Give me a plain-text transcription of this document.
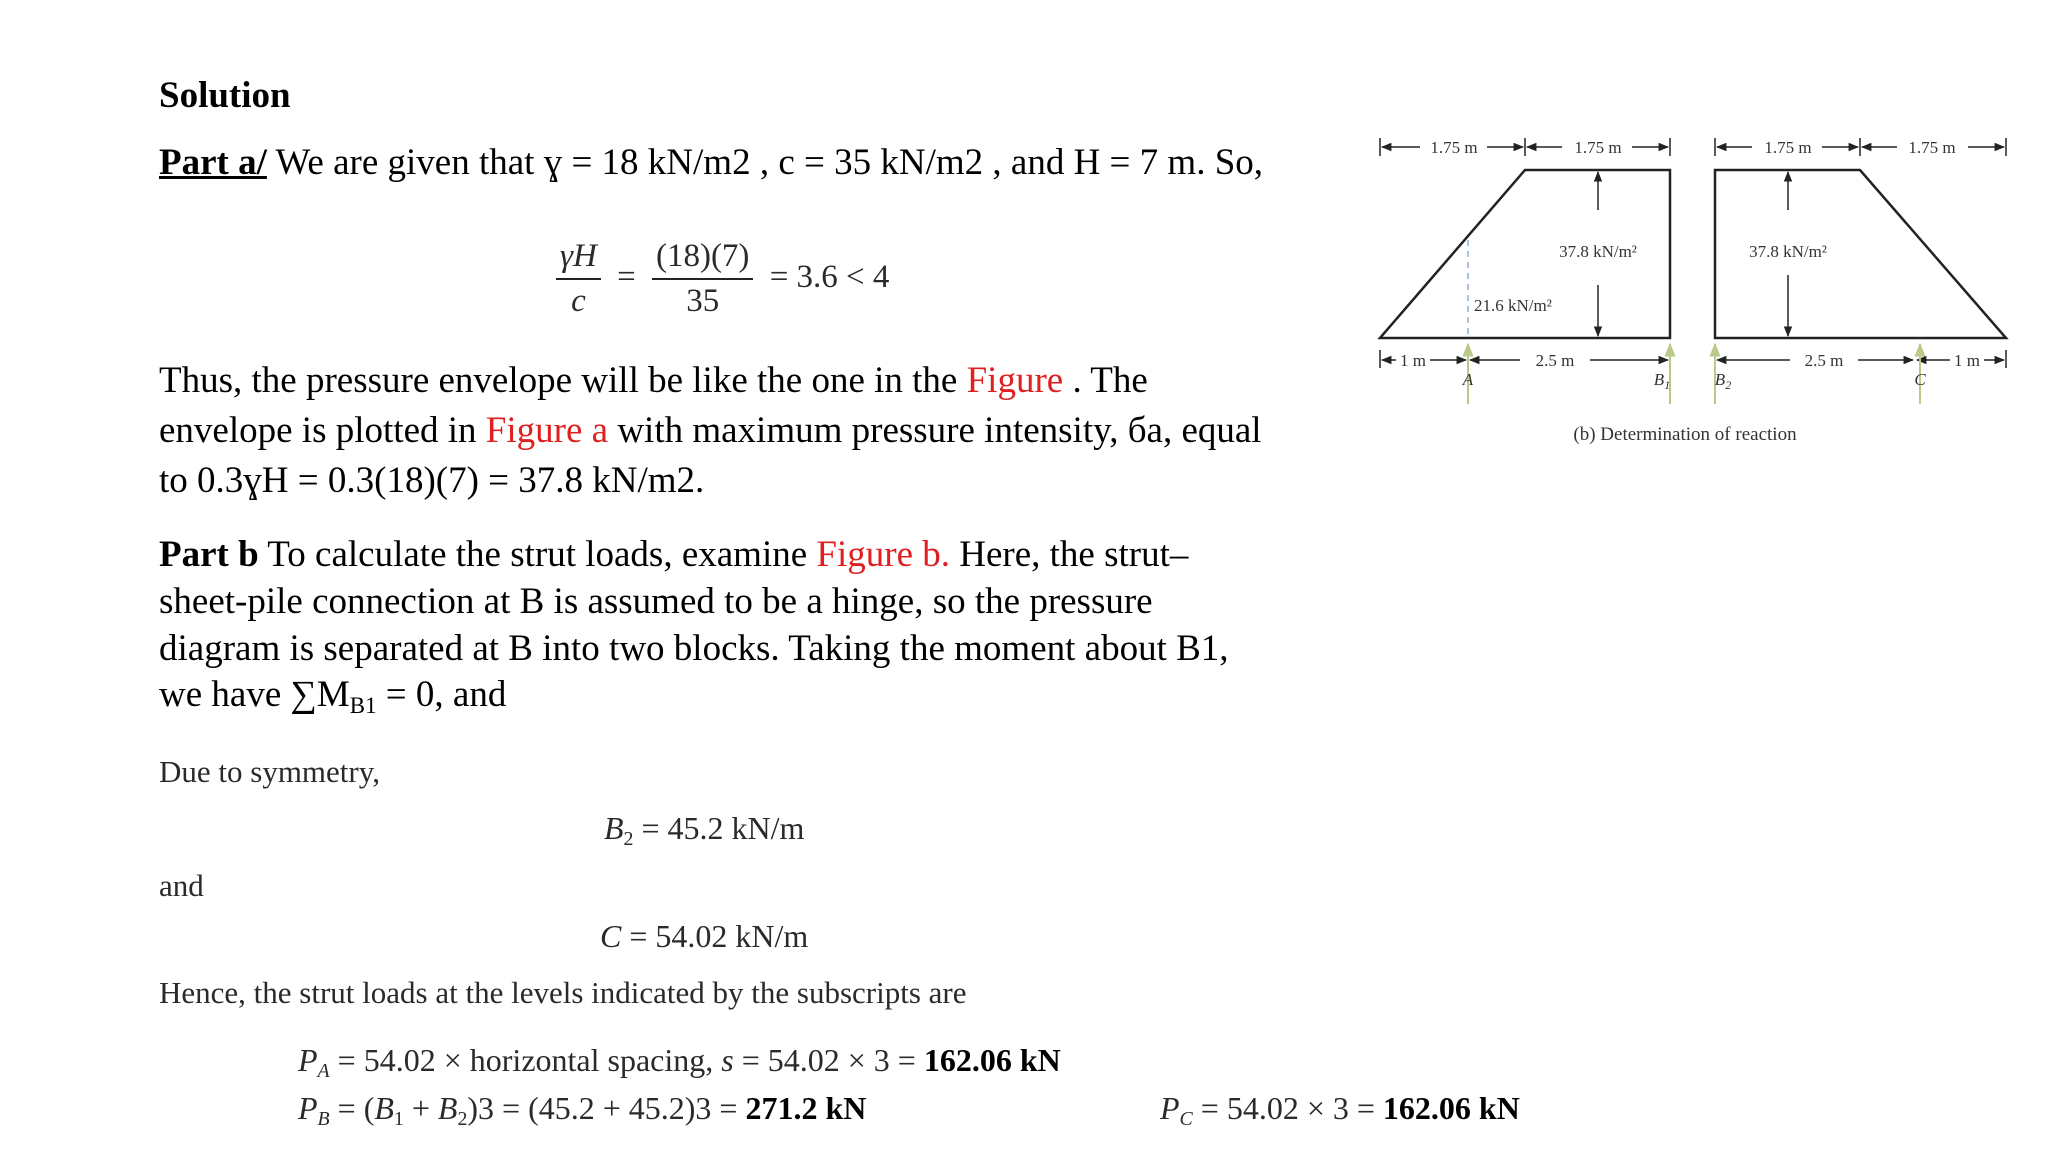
Solution
Part a/ We are given that ɣ = 18 kN/m2 , c = 35 kN/m2 , and H = 7 m. So,
$\frac{\gamma H}{c} = \frac{(18)(7)}{35} = 3.6 < 4$
Thus, the pressure envelope will be like the one in the Figure . The
envelope is plotted in Figure a with maximum pressure intensity, бa, equal
to 0.3ɣH = 0.3(18)(7) = 37.8 kN/m2.
Part b To calculate the strut loads, examine Figure b. Here, the strut–
sheet-pile connection at B is assumed to be a hinge, so the pressure
diagram is separated at B into two blocks. Taking the moment about B1,
we have $\sum M_{B1} = 0$, and
Due to symmetry,
$B_2 = 45.2$ kN/m
and
C = 54.02 kN/m
Hence, the strut loads at the levels indicated by the subscripts are
$P_A = 54.02$ × horizontal spacing, s = 54.02 × 3 = 162.06 kN
$P_B = (B_1 + B_2)3 = (45.2 + 45.2)3 = 271.2$ kN	$P_C = 54.02 \times 3 = 162.06$ kN
1.75 m	1.75 m	1.75 m	1.75 m
37.8 kN/m²
21.6 kN/m²
37.8 kN/m²
1 m	2.5 m	2.5 m	1 m
A	$B_1$	$B_2$	C
(b) Determination of reaction
